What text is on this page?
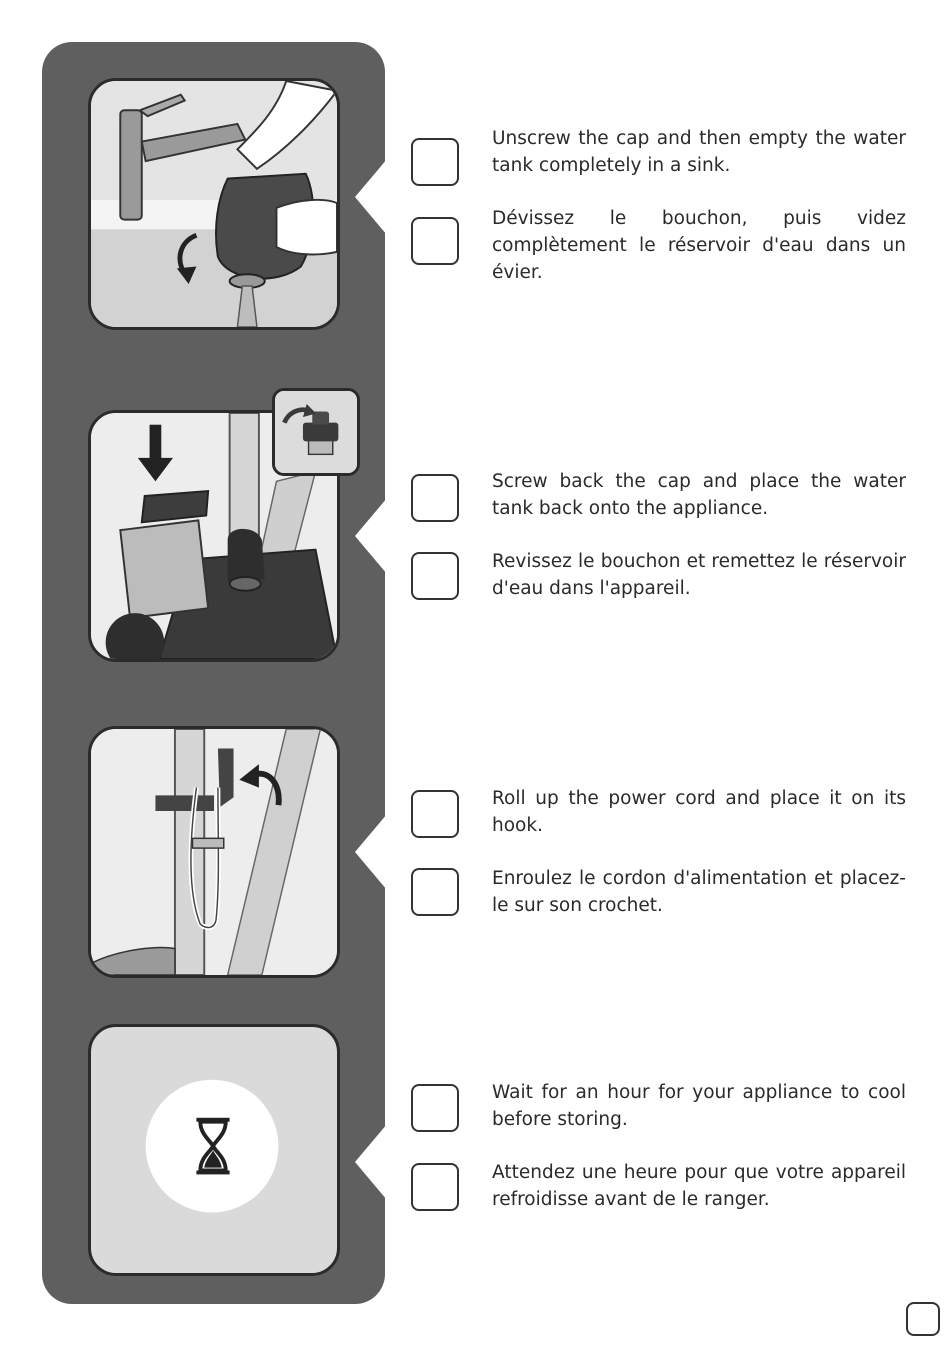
Unscrew the cap and then empty the water tank completely in a sink.

Dévissez le bouchon, puis videz complètement le réservoir d'eau dans un évier.

Screw back the cap and place the water tank back onto the appliance.

Revissez le bouchon et remettez le réservoir d'eau dans l'appareil.

Roll up the power cord and place it on its hook.

Enroulez le cordon d'alimentation et placez-le sur son crochet.

Wait for an hour for your appliance to cool before storing.

Attendez une heure pour que votre appareil refroidisse avant de le ranger.
